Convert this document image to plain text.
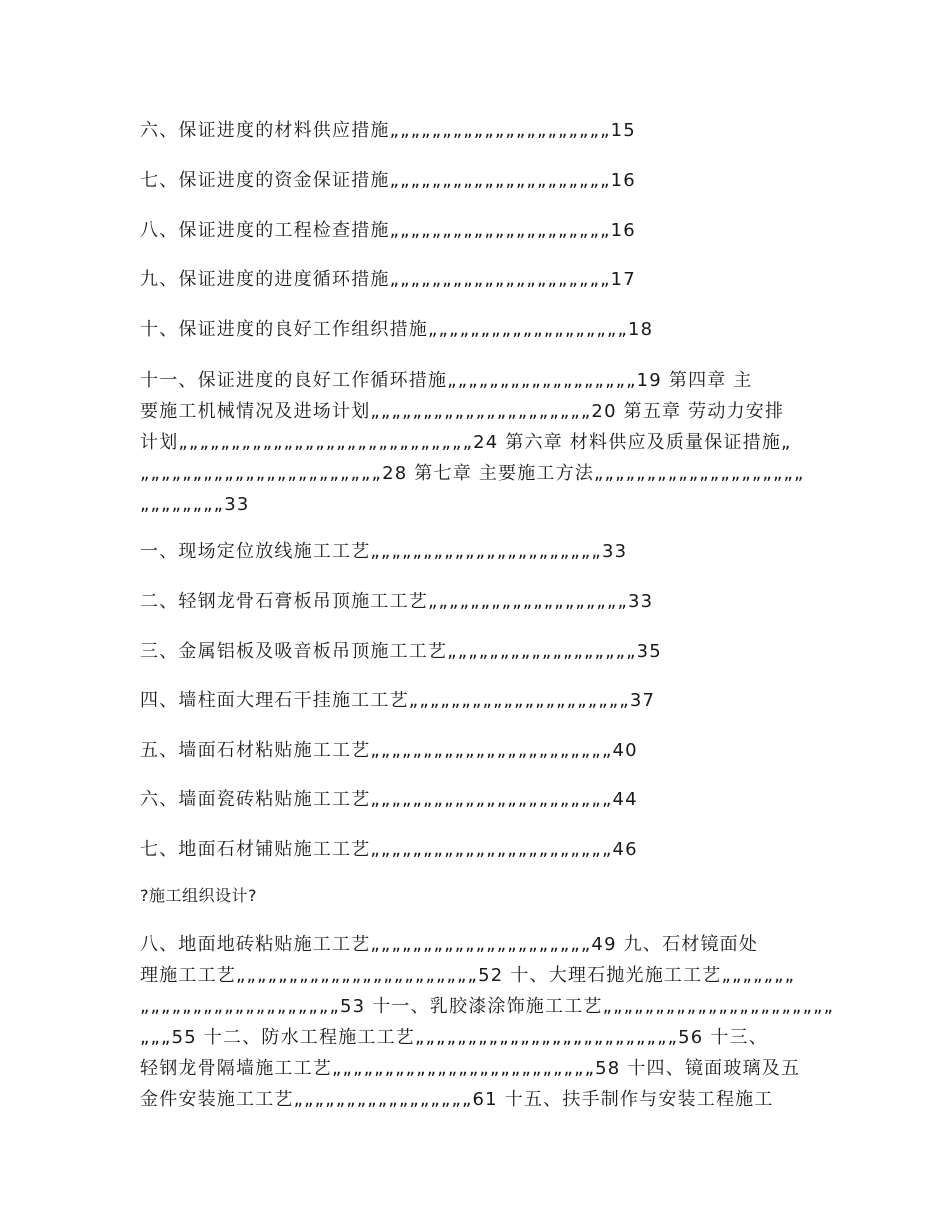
六、保证进度的材料供应措施„„„„„„„„„„„„„„„„„„„„„15
七、保证进度的资金保证措施„„„„„„„„„„„„„„„„„„„„„16
八、保证进度的工程检查措施„„„„„„„„„„„„„„„„„„„„„16
九、保证进度的进度循环措施„„„„„„„„„„„„„„„„„„„„„17
十、保证进度的良好工作组织措施„„„„„„„„„„„„„„„„„„„18
十一、保证进度的良好工作循环措施„„„„„„„„„„„„„„„„„„19 第四章 主
要施工机械情况及进场计划„„„„„„„„„„„„„„„„„„„„„20 第五章 劳动力安排
计划„„„„„„„„„„„„„„„„„„„„„„„„„„„„24 第六章 材料供应及质量保证措施„
„„„„„„„„„„„„„„„„„„„„„„„28 第七章 主要施工方法„„„„„„„„„„„„„„„„„„„„
„„„„„„„„33
一、现场定位放线施工工艺„„„„„„„„„„„„„„„„„„„„„„33
二、轻钢龙骨石膏板吊顶施工工艺„„„„„„„„„„„„„„„„„„„33
三、金属铝板及吸音板吊顶施工工艺„„„„„„„„„„„„„„„„„„35
四、墙柱面大理石干挂施工工艺„„„„„„„„„„„„„„„„„„„„„37
五、墙面石材粘贴施工工艺„„„„„„„„„„„„„„„„„„„„„„„40
六、墙面瓷砖粘贴施工工艺„„„„„„„„„„„„„„„„„„„„„„„44
七、地面石材铺贴施工工艺„„„„„„„„„„„„„„„„„„„„„„„46
?施工组织设计?
八、地面地砖粘贴施工工艺„„„„„„„„„„„„„„„„„„„„„49 九、石材镜面处
理施工工艺„„„„„„„„„„„„„„„„„„„„„„„52 十、大理石抛光施工工艺„„„„„„„
„„„„„„„„„„„„„„„„„„„53 十一、乳胶漆涂饰施工工艺„„„„„„„„„„„„„„„„„„„„„„
„„„55 十二、防水工程施工工艺„„„„„„„„„„„„„„„„„„„„„„„„„56 十三、
轻钢龙骨隔墙施工工艺„„„„„„„„„„„„„„„„„„„„„„„„„58 十四、镜面玻璃及五
金件安装施工工艺„„„„„„„„„„„„„„„„„61 十五、扶手制作与安装工程施工
